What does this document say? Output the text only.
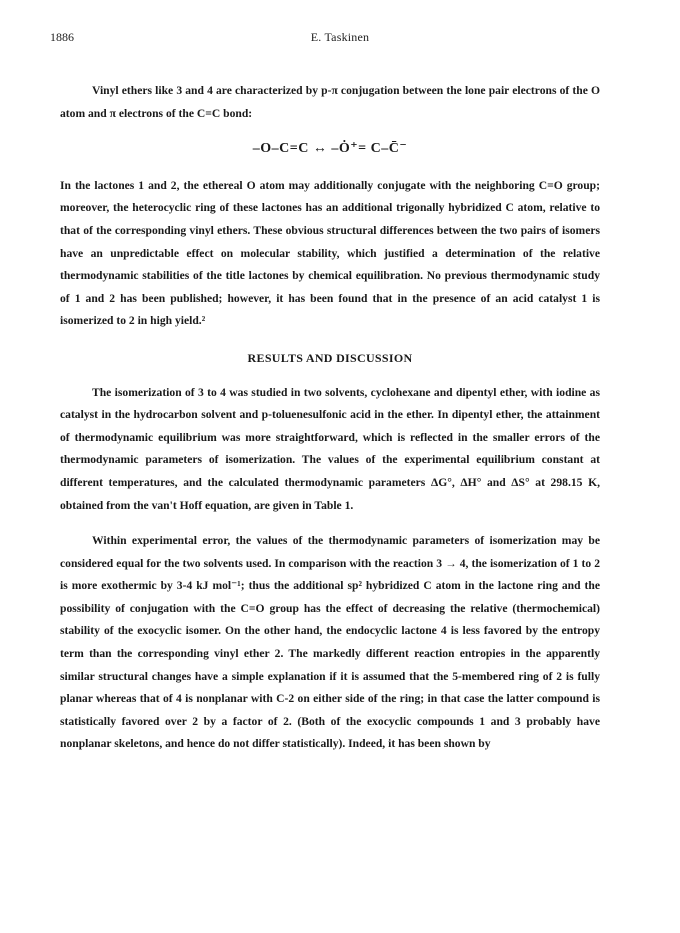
1886	E. Taskinen

Vinyl ethers like 3 and 4 are characterized by p-π conjugation between the lone pair electrons of the O atom and π electrons of the C=C bond:

–O–C=C ↔ –Ȯ⁺= C–C̄⁻

In the lactones 1 and 2, the ethereal O atom may additionally conjugate with the neighboring C=O group; moreover, the heterocyclic ring of these lactones has an additional trigonally hybridized C atom, relative to that of the corresponding vinyl ethers. These obvious structural differences between the two pairs of isomers have an unpredictable effect on molecular stability, which justified a determination of the relative thermodynamic stabilities of the title lactones by chemical equilibration. No previous thermodynamic study of 1 and 2 has been published; however, it has been found that in the presence of an acid catalyst 1 is isomerized to 2 in high yield.²

RESULTS AND DISCUSSION

The isomerization of 3 to 4 was studied in two solvents, cyclohexane and dipentyl ether, with iodine as catalyst in the hydrocarbon solvent and p-toluenesulfonic acid in the ether. In dipentyl ether, the attainment of thermodynamic equilibrium was more straightforward, which is reflected in the smaller errors of the thermodynamic parameters of isomerization. The values of the experimental equilibrium constant at different temperatures, and the calculated thermodynamic parameters ΔG°, ΔH° and ΔS° at 298.15 K, obtained from the van't Hoff equation, are given in Table 1.

Within experimental error, the values of the thermodynamic parameters of isomerization may be considered equal for the two solvents used. In comparison with the reaction 3 → 4, the isomerization of 1 to 2 is more exothermic by 3-4 kJ mol⁻¹; thus the additional sp² hybridized C atom in the lactone ring and the possibility of conjugation with the C=O group has the effect of decreasing the relative (thermochemical) stability of the exocyclic isomer. On the other hand, the endocyclic lactone 4 is less favored by the entropy term than the corresponding vinyl ether 2. The markedly different reaction entropies in the apparently similar structural changes have a simple explanation if it is assumed that the 5-membered ring of 2 is fully planar whereas that of 4 is nonplanar with C-2 on either side of the ring; in that case the latter compound is statistically favored over 2 by a factor of 2. (Both of the exocyclic compounds 1 and 3 probably have nonplanar skeletons, and hence do not differ statistically). Indeed, it has been shown by
